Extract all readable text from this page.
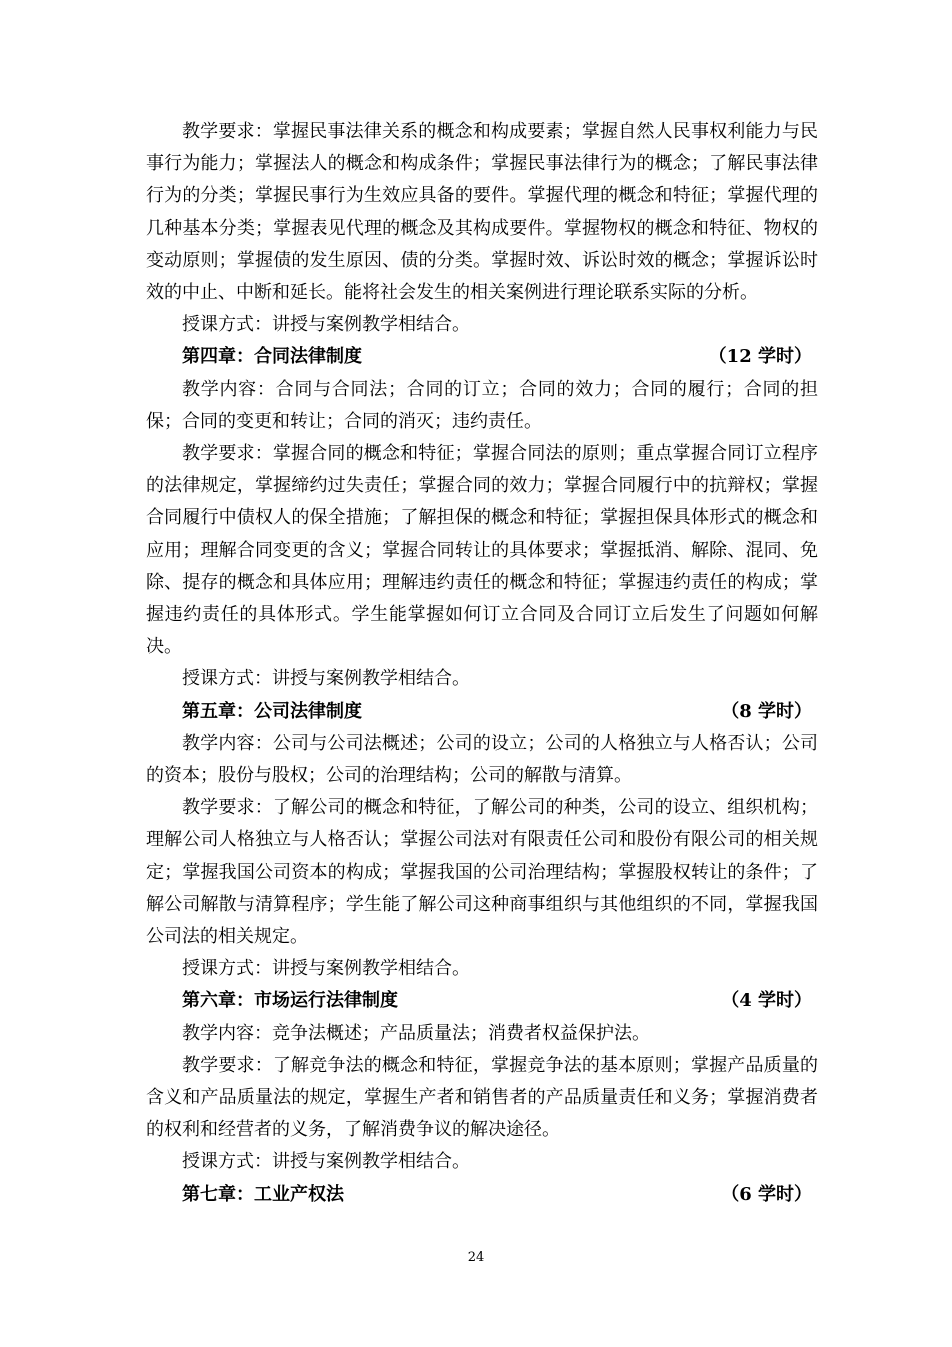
教学要求：掌握民事法律关系的概念和构成要素；掌握自然人民事权利能力与民事行为能力；掌握法人的概念和构成条件；掌握民事法律行为的概念；了解民事法律行为的分类；掌握民事行为生效应具备的要件。掌握代理的概念和特征；掌握代理的几种基本分类；掌握表见代理的概念及其构成要件。掌握物权的概念和特征、物权的变动原则；掌握债的发生原因、债的分类。掌握时效、诉讼时效的概念；掌握诉讼时效的中止、中断和延长。能将社会发生的相关案例进行理论联系实际的分析。

授课方式：讲授与案例教学相结合。

第四章：合同法律制度	（12 学时）

教学内容：合同与合同法；合同的订立；合同的效力；合同的履行；合同的担保；合同的变更和转让；合同的消灭；违约责任。

教学要求：掌握合同的概念和特征；掌握合同法的原则；重点掌握合同订立程序的法律规定，掌握缔约过失责任；掌握合同的效力；掌握合同履行中的抗辩权；掌握合同履行中债权人的保全措施；了解担保的概念和特征；掌握担保具体形式的概念和应用；理解合同变更的含义；掌握合同转让的具体要求；掌握抵消、解除、混同、免除、提存的概念和具体应用；理解违约责任的概念和特征；掌握违约责任的构成；掌握违约责任的具体形式。学生能掌握如何订立合同及合同订立后发生了问题如何解决。

授课方式：讲授与案例教学相结合。

第五章：公司法律制度	（8 学时）

教学内容：公司与公司法概述；公司的设立；公司的人格独立与人格否认；公司的资本；股份与股权；公司的治理结构；公司的解散与清算。

教学要求：了解公司的概念和特征，了解公司的种类，公司的设立、组织机构；理解公司人格独立与人格否认；掌握公司法对有限责任公司和股份有限公司的相关规定；掌握我国公司资本的构成；掌握我国的公司治理结构；掌握股权转让的条件；了解公司解散与清算程序；学生能了解公司这种商事组织与其他组织的不同，掌握我国公司法的相关规定。

授课方式：讲授与案例教学相结合。

第六章：市场运行法律制度	（4 学时）

教学内容：竞争法概述；产品质量法；消费者权益保护法。

教学要求：了解竞争法的概念和特征，掌握竞争法的基本原则；掌握产品质量的含义和产品质量法的规定，掌握生产者和销售者的产品质量责任和义务；掌握消费者的权利和经营者的义务，了解消费争议的解决途径。

授课方式：讲授与案例教学相结合。

第七章：工业产权法	（6 学时）
24
